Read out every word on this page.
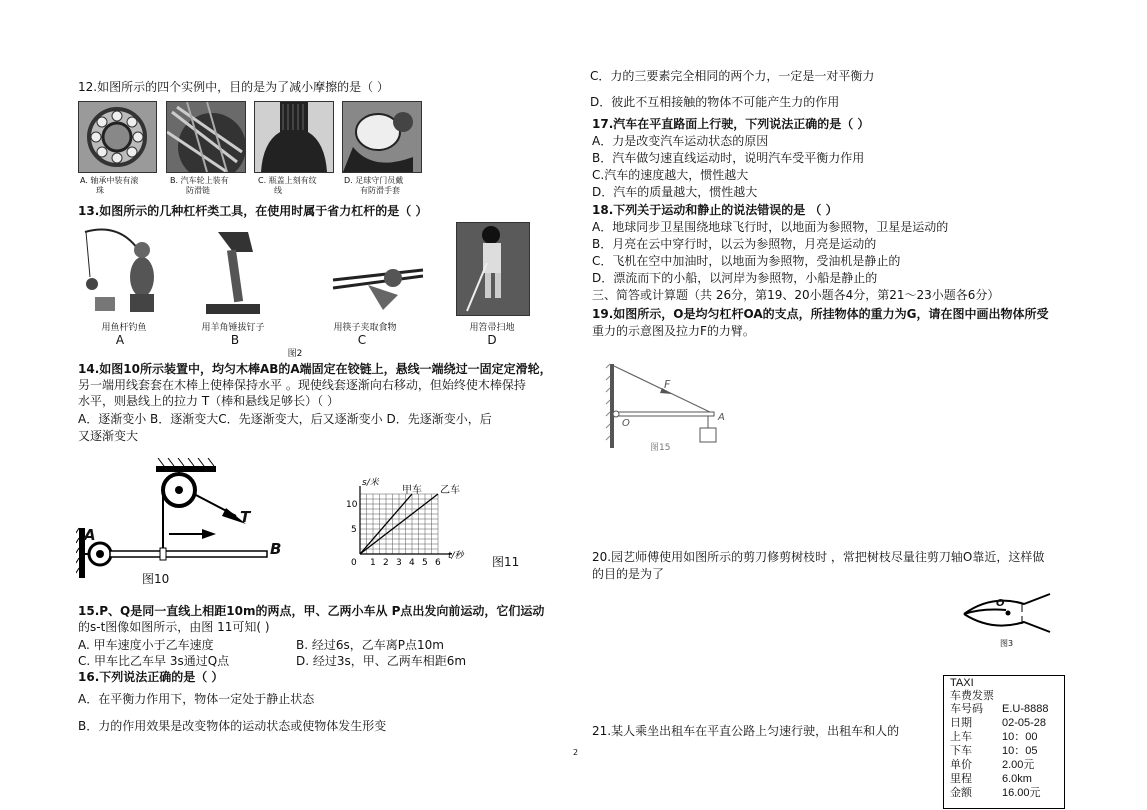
12.如图所示的四个实例中，目的是为了减小摩擦的是（ ）
A. 轴承中装有滚
珠
B. 汽车轮上装有
防滑链
C. 瓶盖上刻有纹
线
D. 足球守门员戴
有防滑手套
13.如图所示的几种杠杆类工具，在使用时属于省力杠杆的是（ ）
用鱼杆钓鱼	用羊角锤拔钉子	用筷子夹取食物	用笤帚扫地
A	B	C	D
图2
14.如图10所示装置中，均匀木棒AB的A端固定在铰链上，悬线一端绕过一固定定滑轮，
另一端用线套套在木棒上使棒保持水平 。现使线套逐渐向右移动，但始终使木棒保持
水平，则悬线上的拉力 T（棒和悬线足够长）（ ）
A．逐渐变小 B．逐渐变大C．先逐渐变大，后又逐渐变小 D．先逐渐变小，后
又逐渐变大
T
A
B
图10
甲车 乙车
1 2 3 4 5 6
0
5
10
s/米
t/秒 图11
15.P、Q是同一直线上相距10m的两点，甲、乙两小车从 P点出发向前运动，它们运动
的s-t图像如图所示，由图 11可知( )
A. 甲车速度小于乙车速度	B. 经过6s，乙车离P点10m
C. 甲车比乙车早 3s通过Q点	D. 经过3s，甲、乙两车相距6m
16.下列说法正确的是（ ）
A．在平衡力作用下，物体一定处于静止状态
B．力的作用效果是改变物体的运动状态或使物体发生形变
C．力的三要素完全相同的两个力，一定是一对平衡力
D．彼此不互相接触的物体不可能产生力的作用
2
17.汽车在平直路面上行驶，下列说法正确的是（ ）
A．力是改变汽车运动状态的原因
B．汽车做匀速直线运动时，说明汽车受平衡力作用
C.汽车的速度越大，惯性越大
D．汽车的质量越大，惯性越大
18.下列关于运动和静止的说法错误的是 （ ）
A．地球同步卫星围绕地球飞行时，以地面为参照物，卫星是运动的
B．月亮在云中穿行时，以云为参照物，月亮是运动的
C．飞机在空中加油时，以地面为参照物，受油机是静止的
D．漂流而下的小船，以河岸为参照物，小船是静止的
三、简答或计算题（共 26分，第19、20小题各4分，第21～23小题各6分）
19.如图所示，O是均匀杠杆OA的支点，所挂物体的重力为G，请在图中画出物体所受
重力的示意图及拉力F的力臂。
F
O
A
图15
20.园艺师傅使用如图所示的剪刀修剪树枝时 ，常把树枝尽量往剪刀轴O靠近，这样做
的目的是为了
O
图3
21.某人乘坐出租车在平直公路上匀速行驶，出租车和人的
TAXI
车费发票
车号码 E.U-8888
日期	02-05-28
上车	10：00
下车	10：05
单价	2.00元
里程	6.0km
金额	16.00元
